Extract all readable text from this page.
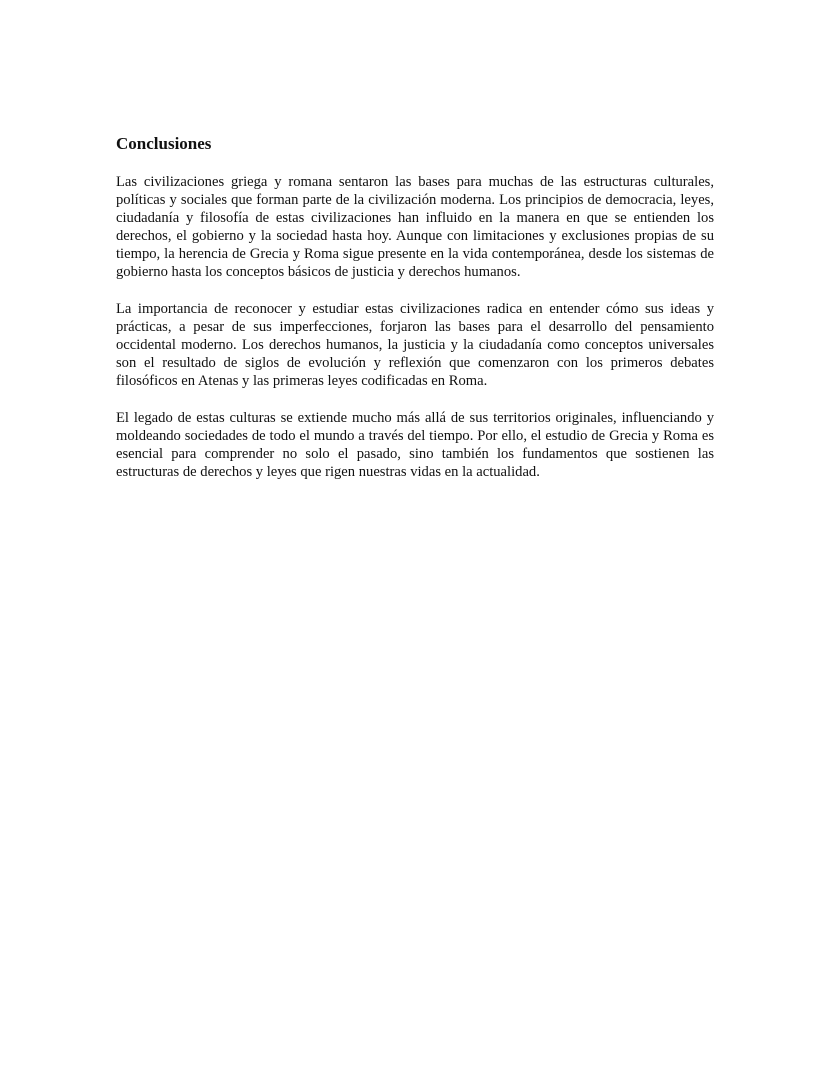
Conclusiones

Las civilizaciones griega y romana sentaron las bases para muchas de las estructuras culturales, políticas y sociales que forman parte de la civilización moderna. Los principios de democracia, leyes, ciudadanía y filosofía de estas civilizaciones han influido en la manera en que se entienden los derechos, el gobierno y la sociedad hasta hoy. Aunque con limitaciones y exclusiones propias de su tiempo, la herencia de Grecia y Roma sigue presente en la vida contemporánea, desde los sistemas de gobierno hasta los conceptos básicos de justicia y derechos humanos.

La importancia de reconocer y estudiar estas civilizaciones radica en entender cómo sus ideas y prácticas, a pesar de sus imperfecciones, forjaron las bases para el desarrollo del pensamiento occidental moderno. Los derechos humanos, la justicia y la ciudadanía como conceptos universales son el resultado de siglos de evolución y reflexión que comenzaron con los primeros debates filosóficos en Atenas y las primeras leyes codificadas en Roma.

El legado de estas culturas se extiende mucho más allá de sus territorios originales, influenciando y moldeando sociedades de todo el mundo a través del tiempo. Por ello, el estudio de Grecia y Roma es esencial para comprender no solo el pasado, sino también los fundamentos que sostienen las estructuras de derechos y leyes que rigen nuestras vidas en la actualidad.
